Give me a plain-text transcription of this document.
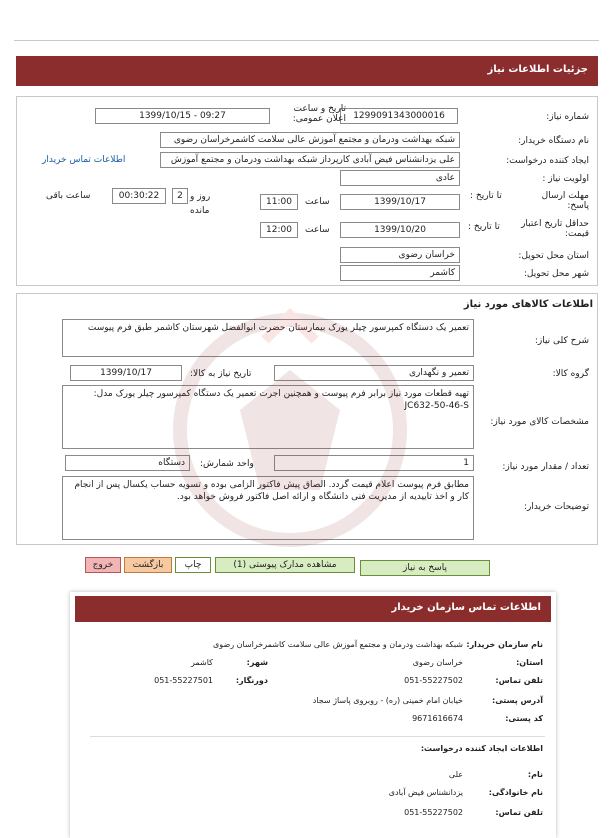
جزئیات اطلاعات نیاز
شماره نیاز:
1299091343000016
تاریخ و ساعت اعلان عمومی:
1399/10/15 - 09:27
نام دستگاه خریدار:
شبکه بهداشت ودرمان و مجتمع آموزش عالی سلامت کاشمرخراسان رضوی
ایجاد کننده درخواست:
علی یزدانشناس فیض آبادی کارپرداز شبکه بهداشت ودرمان و مجتمع آموزش
اطلاعات تماس خریدار
اولویت نیاز :
عادی
مهلت ارسال پاسخ:
تا تاریخ :
1399/10/17
ساعت
11:00
2 روز و
مانده
00:30:22
ساعت باقی
حداقل تاریخ اعتبار قیمت:
تا تاریخ :
1399/10/20
ساعت
12:00
استان محل تحویل:
خراسان رضوی
شهر محل تحویل:
کاشمر
اطلاعات کالاهای مورد نیاز
شرح کلی نیاز:
تعمیر یک دستگاه کمپرسور چیلر یورک بیمارستان حضرت ابوالفضل شهرستان کاشمر طبق فرم پیوست
گروه کالا:
تعمیر و نگهداری
تاریخ نیاز به کالا:
1399/10/17
مشخصات کالای مورد نیاز:
تهیه قطعات مورد نیاز برابر فرم پیوست و همچنین اجرت تعمیر یک دستگاه کمپرسور چیلر یورک مدل: JC632-50-46-S
تعداد / مقدار مورد نیاز:
1
واحد شمارش:
دستگاه
توضیحات خریدار:
مطابق فرم پیوست اعلام قیمت گردد. الصاق پیش فاکتور الزامی بوده و تسویه حساب یکسال پس از انجام کار و اخذ تاییدیه از مدیریت فنی دانشگاه و ارائه اصل فاکتور فروش خواهد بود.
پاسخ به نیاز
مشاهده مدارک پیوستی (1)
چاپ
بازگشت
خروج
اطلاعات تماس سازمان خریدار
نام سازمان خریدار:
شبکه بهداشت ودرمان و مجتمع آموزش عالی سلامت کاشمرخراسان رضوی
استان:
خراسان رضوی
شهر:
کاشمر
تلفن تماس:
051-55227502
دورنگار:
051-55227501
آدرس پستی:
خیابان امام خمینی (ره) - روبروی پاساژ سجاد
کد پستی:
9671616674
اطلاعات ایجاد کننده درخواست:
نام:
علی
نام خانوادگی:
یزدانشناس فیض آبادی
تلفن تماس:
051-55227502
